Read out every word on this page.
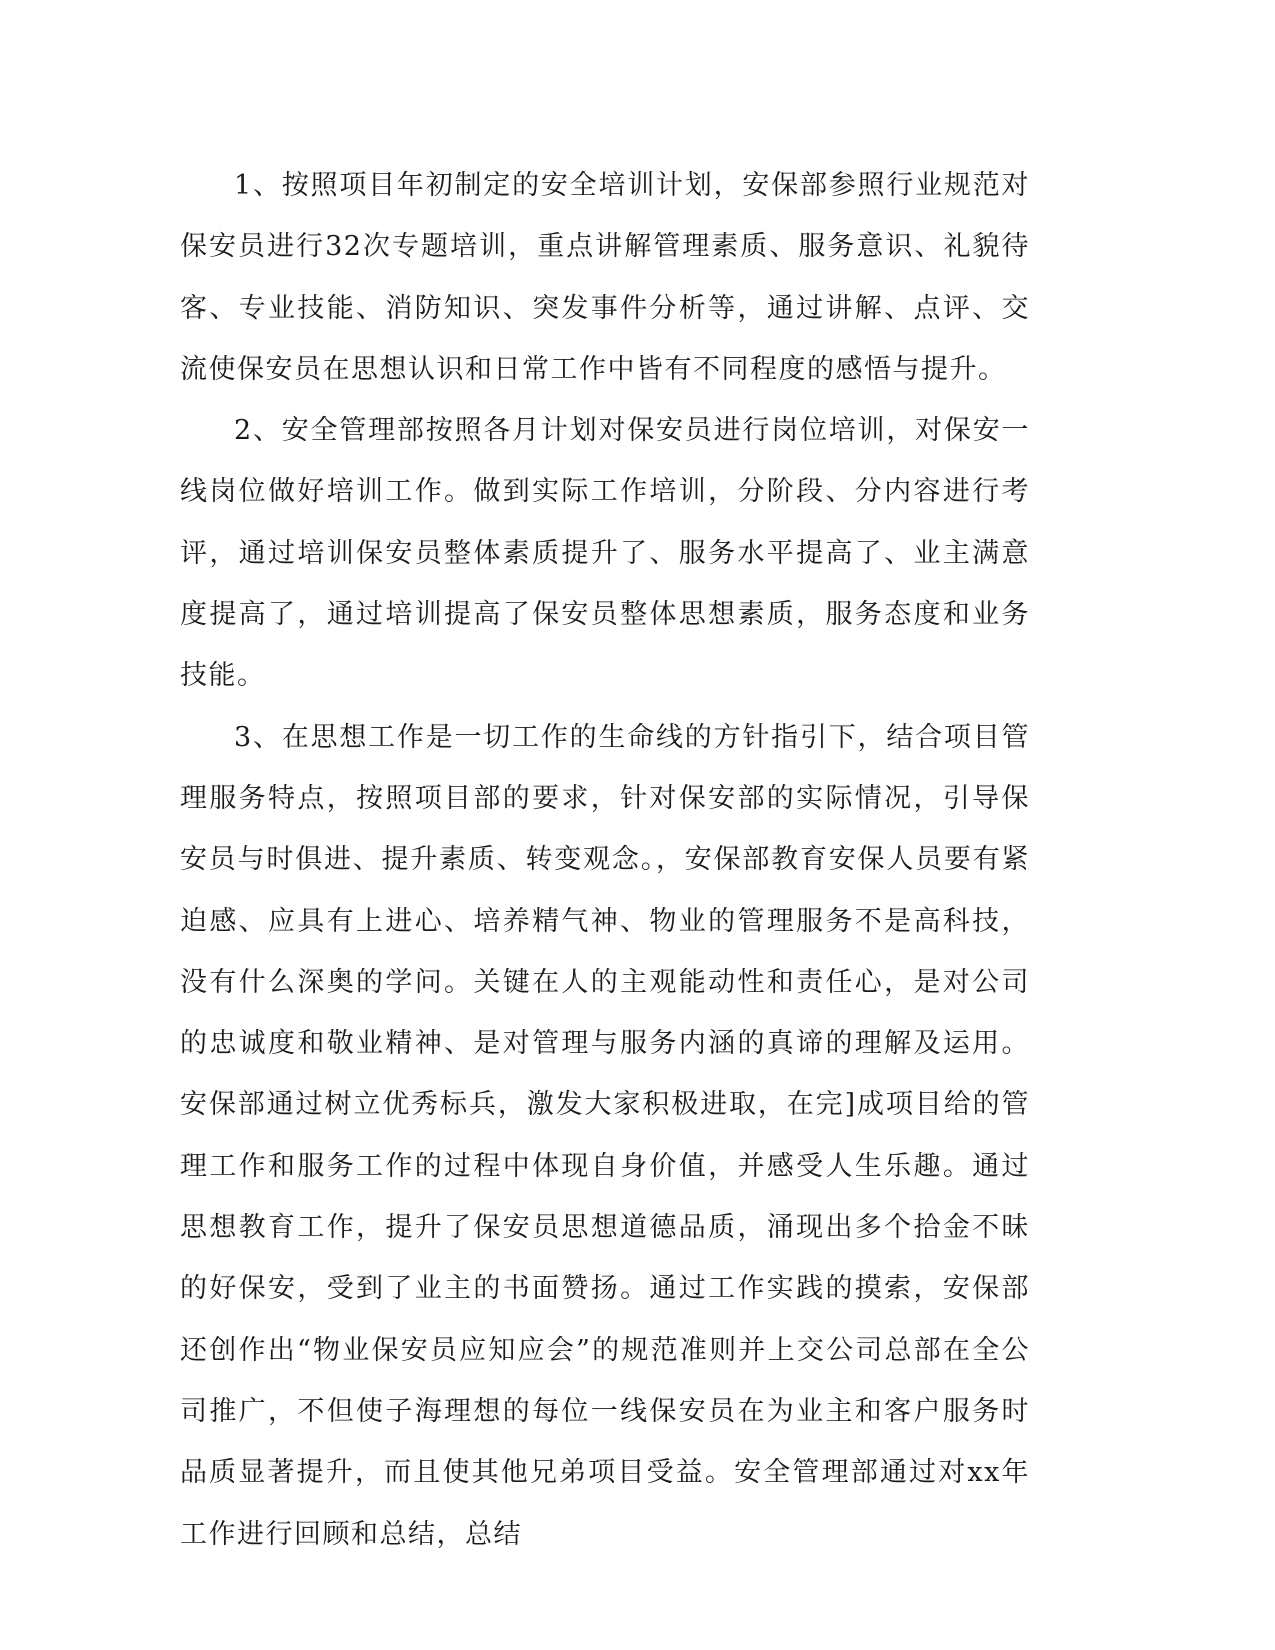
1、按照项目年初制定的安全培训计划，安保部参照行业规范对保安员进行32次专题培训，重点讲解管理素质、服务意识、礼貌待客、专业技能、消防知识、突发事件分析等，通过讲解、点评、交流使保安员在思想认识和日常工作中皆有不同程度的感悟与提升。

2、安全管理部按照各月计划对保安员进行岗位培训，对保安一线岗位做好培训工作。做到实际工作培训，分阶段、分内容进行考评，通过培训保安员整体素质提升了、服务水平提高了、业主满意度提高了，通过培训提高了保安员整体思想素质，服务态度和业务技能。

3、在思想工作是一切工作的生命线的方针指引下，结合项目管理服务特点，按照项目部的要求，针对保安部的实际情况，引导保安员与时俱进、提升素质、转变观念。，安保部教育安保人员要有紧迫感、应具有上进心、培养精气神、物业的管理服务不是高科技，没有什么深奥的学问。关键在人的主观能动性和责任心，是对公司的忠诚度和敬业精神、是对管理与服务内涵的真谛的理解及运用。安保部通过树立优秀标兵，激发大家积极进取，在完]成项目给的管理工作和服务工作的过程中体现自身价值，并感受人生乐趣。通过思想教育工作，提升了保安员思想道德品质，涌现出多个拾金不昧的好保安，受到了业主的书面赞扬。通过工作实践的摸索，安保部还创作出“物业保安员应知应会”的规范准则并上交公司总部在全公司推广，不但使子海理想的每位一线保安员在为业主和客户服务时品质显著提升，而且使其他兄弟项目受益。安全管理部通过对xx年工作进行回顾和总结，总结
